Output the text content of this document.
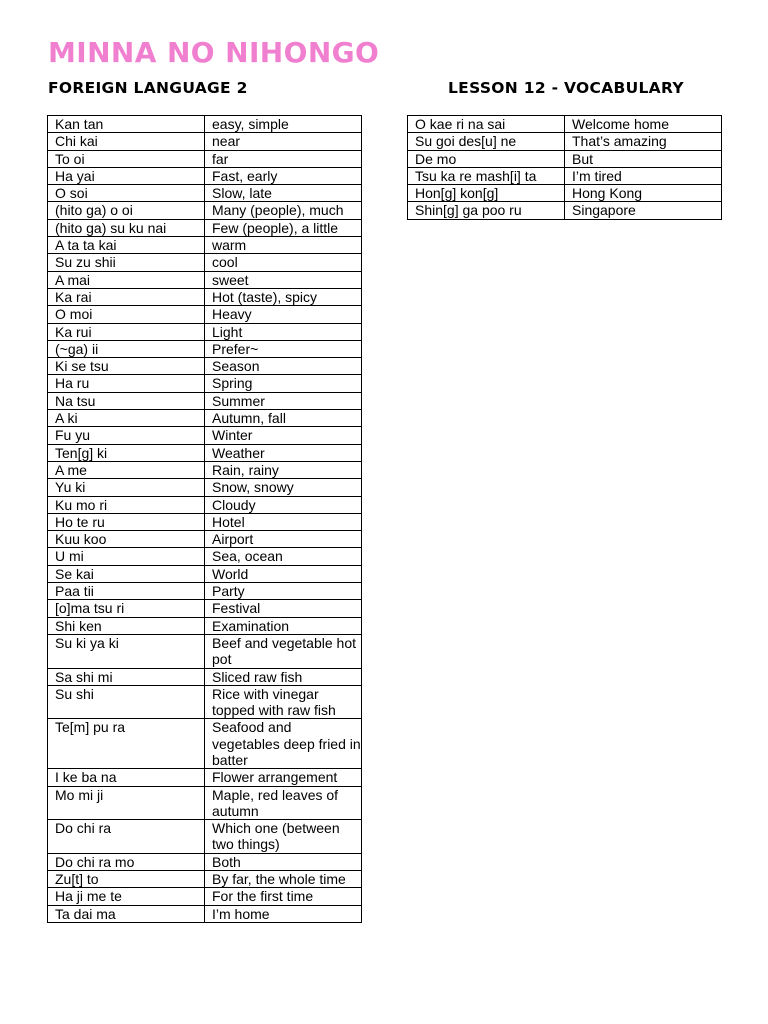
MINNA NO NIHONGO
FOREIGN LANGUAGE 2	LESSON 12 - VOCABULARY
Kan tan	easy, simple
Chi kai	near
To oi	far
Ha yai	Fast, early
O soi	Slow, late
(hito ga) o oi	Many (people), much
(hito ga) su ku nai	Few (people), a little
A ta ta kai	warm
Su zu shii	cool
A mai	sweet
Ka rai	Hot (taste), spicy
O moi	Heavy
Ka rui	Light
(~ga) ii	Prefer~
Ki se tsu	Season
Ha ru	Spring
Na tsu	Summer
A ki	Autumn, fall
Fu yu	Winter
Ten[g] ki	Weather
A me	Rain, rainy
Yu ki	Snow, snowy
Ku mo ri	Cloudy
Ho te ru	Hotel
Kuu koo	Airport
U mi	Sea, ocean
Se kai	World
Paa tii	Party
[o]ma tsu ri	Festival
Shi ken	Examination
Su ki ya ki	Beef and vegetable hot pot
Sa shi mi	Sliced raw fish
Su shi	Rice with vinegar topped with raw fish
Te[m] pu ra	Seafood and vegetables deep fried in batter
I ke ba na	Flower arrangement
Mo mi ji	Maple, red leaves of autumn
Do chi ra	Which one (between two things)
Do chi ra mo	Both
Zu[t] to	By far, the whole time
Ha ji me te	For the first time
Ta dai ma	I’m home
O kae ri na sai	Welcome home
Su goi des[u] ne	That’s amazing
De mo	But
Tsu ka re mash[i] ta	I’m tired
Hon[g] kon[g]	Hong Kong
Shin[g] ga poo ru	Singapore
